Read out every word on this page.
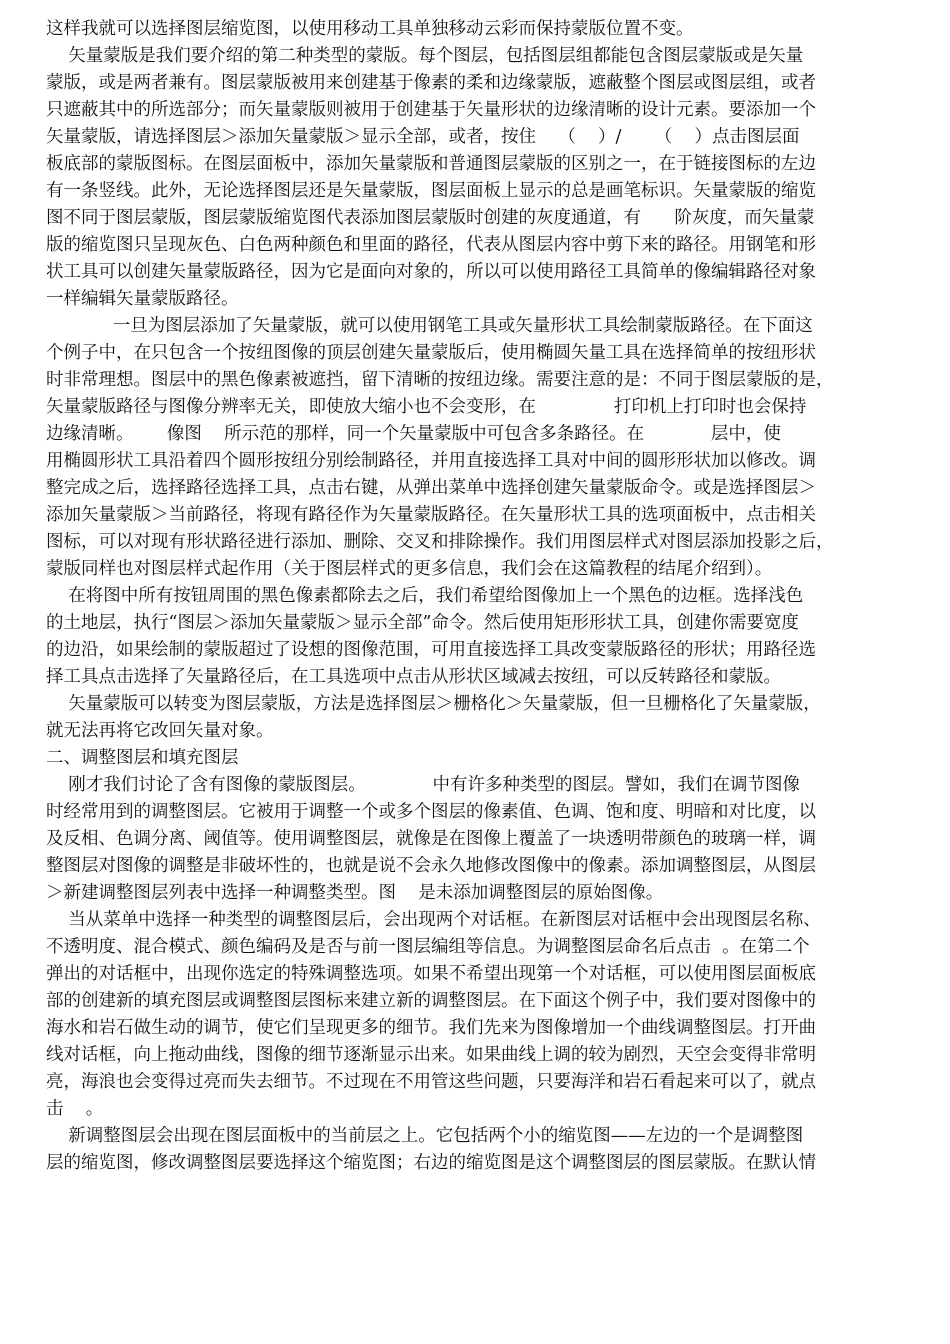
这样我就可以选择图层缩览图，以使用移动工具单独移动云彩而保持蒙版位置不变。
矢量蒙版是我们要介绍的第二种类型的蒙版。每个图层，包括图层组都能包含图层蒙版或是矢量
蒙版，或是两者兼有。图层蒙版被用来创建基于像素的柔和边缘蒙版，遮蔽整个图层或图层组，或者
只遮蔽其中的所选部分；而矢量蒙版则被用于创建基于矢量形状的边缘清晰的设计元素。要添加一个
矢量蒙版，请选择图层＞添加矢量蒙版＞显示全部，或者，按住    （    ）/      （    ）点击图层面
板底部的蒙版图标。在图层面板中，添加矢量蒙版和普通图层蒙版的区别之一，在于链接图标的左边
有一条竖线。此外，无论选择图层还是矢量蒙版，图层面板上显示的总是画笔标识。矢量蒙版的缩览
图不同于图层蒙版，图层蒙版缩览图代表添加图层蒙版时创建的灰度通道，有      阶灰度，而矢量蒙
版的缩览图只呈现灰色、白色两种颜色和里面的路径，代表从图层内容中剪下来的路径。用钢笔和形
状工具可以创建矢量蒙版路径，因为它是面向对象的，所以可以使用路径工具简单的像编辑路径对象
一样编辑矢量蒙版路径。
一旦为图层添加了矢量蒙版，就可以使用钢笔工具或矢量形状工具绘制蒙版路径。在下面这
个例子中，在只包含一个按纽图像的顶层创建矢量蒙版后，使用椭圆矢量工具在选择简单的按纽形状
时非常理想。图层中的黑色像素被遮挡，留下清晰的按纽边缘。需要注意的是：不同于图层蒙版的是，
矢量蒙版路径与图像分辨率无关，即使放大缩小也不会变形，在              打印机上打印时也会保持
边缘清晰。      像图    所示范的那样，同一个矢量蒙版中可包含多条路径。在            层中，使
用椭圆形状工具沿着四个圆形按纽分别绘制路径，并用直接选择工具对中间的圆形形状加以修改。调
整完成之后，选择路径选择工具，点击右键，从弹出菜单中选择创建矢量蒙版命令。或是选择图层＞
添加矢量蒙版＞当前路径，将现有路径作为矢量蒙版路径。在矢量形状工具的选项面板中，点击相关
图标，可以对现有形状路径进行添加、删除、交叉和排除操作。我们用图层样式对图层添加投影之后，
蒙版同样也对图层样式起作用（关于图层样式的更多信息，我们会在这篇教程的结尾介绍到）。
在将图中所有按钮周围的黑色像素都除去之后，我们希望给图像加上一个黑色的边框。选择浅色
的土地层，执行“图层＞添加矢量蒙版＞显示全部”命令。然后使用矩形形状工具，创建你需要宽度
的边沿，如果绘制的蒙版超过了设想的图像范围，可用直接选择工具改变蒙版路径的形状；用路径选
择工具点击选择了矢量路径后，在工具选项中点击从形状区域减去按纽，可以反转路径和蒙版。
矢量蒙版可以转变为图层蒙版，方法是选择图层＞栅格化＞矢量蒙版，但一旦栅格化了矢量蒙版，
就无法再将它改回矢量对象。
二、调整图层和填充图层
刚才我们讨论了含有图像的蒙版图层。            中有许多种类型的图层。譬如，我们在调节图像
时经常用到的调整图层。它被用于调整一个或多个图层的像素值、色调、饱和度、明暗和对比度，以
及反相、色调分离、阈值等。使用调整图层，就像是在图像上覆盖了一块透明带颜色的玻璃一样，调
整图层对图像的调整是非破坏性的，也就是说不会永久地修改图像中的像素。添加调整图层，从图层
＞新建调整图层列表中选择一种调整类型。图    是未添加调整图层的原始图像。
当从菜单中选择一种类型的调整图层后，会出现两个对话框。在新图层对话框中会出现图层名称、
不透明度、混合模式、颜色编码及是否与前一图层编组等信息。为调整图层命名后点击  。在第二个
弹出的对话框中，出现你选定的特殊调整选项。如果不希望出现第一个对话框，可以使用图层面板底
部的创建新的填充图层或调整图层图标来建立新的调整图层。在下面这个例子中，我们要对图像中的
海水和岩石做生动的调节，使它们呈现更多的细节。我们先来为图像增加一个曲线调整图层。打开曲
线对话框，向上拖动曲线，图像的细节逐渐显示出来。如果曲线上调的较为剧烈，天空会变得非常明
亮，海浪也会变得过亮而失去细节。不过现在不用管这些问题，只要海洋和岩石看起来可以了，就点
击    。
新调整图层会出现在图层面板中的当前层之上。它包括两个小的缩览图——左边的一个是调整图
层的缩览图，修改调整图层要选择这个缩览图；右边的缩览图是这个调整图层的图层蒙版。在默认情
